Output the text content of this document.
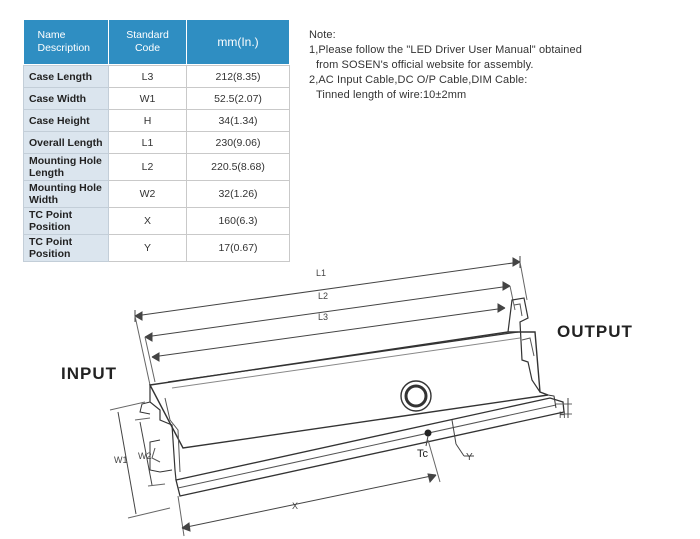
Name Description	Standard Code	mm(In.)

Case Length	L3	212(8.35)
Case Width	W1	52.5(2.07)
Case Height	H	34(1.34)
Overall Length	L1	230(9.06)
Mounting Hole Length	L2	220.5(8.68)
Mounting Hole Width	W2	32(1.26)
TC Point Position	X	160(6.3)
TC Point Position	Y	17(0.67)
Note:
1,Please follow the "LED Driver User Manual" obtained
from SOSEN's official website for assembly.
2,AC Input Cable,DC O/P Cable,DIM Cable:
Tinned length of wire:10±2mm
INPUT
OUTPUT
L1
L2
L3
W1 W2
X
Y
H
Tc
